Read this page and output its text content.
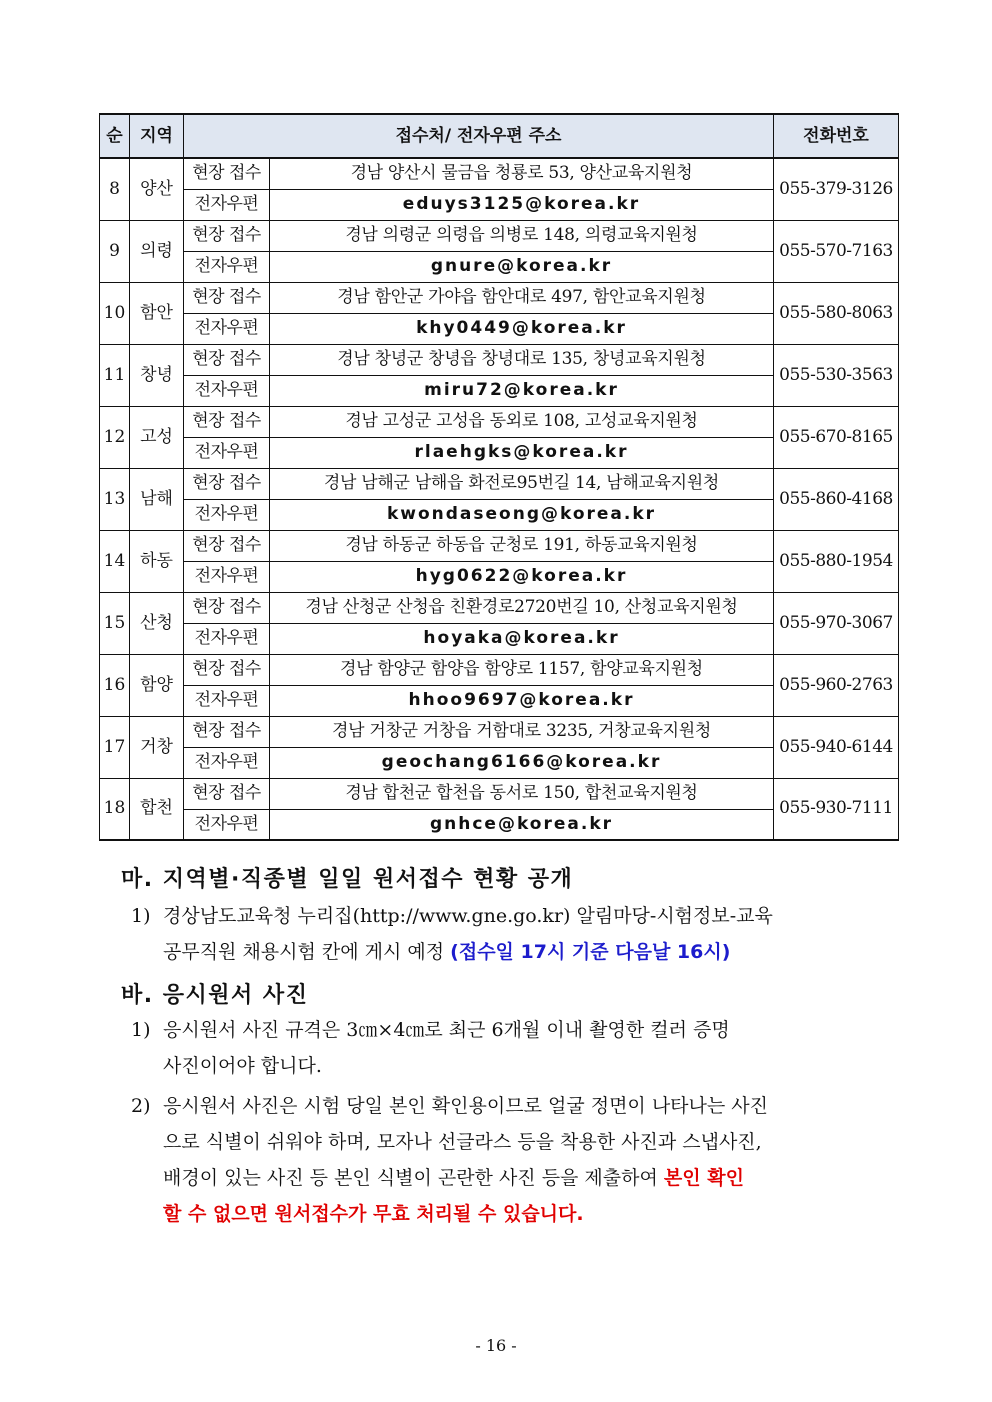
순	지역	접수처/ 전자우편 주소		전화번호
8	양산	현장 접수	경남 양산시 물금읍 청룡로 53, 양산교육지원청	055-379-3126
		전자우편	eduys3125@korea.kr	
9	의령	현장 접수	경남 의령군 의령읍 의병로 148, 의령교육지원청	055-570-7163
		전자우편	gnure@korea.kr	
10	함안	현장 접수	경남 함안군 가야읍 함안대로 497, 함안교육지원청	055-580-8063
		전자우편	khy0449@korea.kr	
11	창녕	현장 접수	경남 창녕군 창녕읍 창녕대로 135, 창녕교육지원청	055-530-3563
		전자우편	miru72@korea.kr	
12	고성	현장 접수	경남 고성군 고성읍 동외로 108, 고성교육지원청	055-670-8165
		전자우편	rlaehgks@korea.kr	
13	남해	현장 접수	경남 남해군 남해읍 화전로95번길 14, 남해교육지원청	055-860-4168
		전자우편	kwondaseong@korea.kr	
14	하동	현장 접수	경남 하동군 하동읍 군청로 191, 하동교육지원청	055-880-1954
		전자우편	hyg0622@korea.kr	
15	산청	현장 접수	경남 산청군 산청읍 친환경로2720번길 10, 산청교육지원청	055-970-3067
		전자우편	hoyaka@korea.kr	
16	함양	현장 접수	경남 함양군 함양읍 함양로 1157, 함양교육지원청	055-960-2763
		전자우편	hhoo9697@korea.kr	
17	거창	현장 접수	경남 거창군 거창읍 거함대로 3235, 거창교육지원청	055-940-6144
		전자우편	geochang6166@korea.kr	
18	합천	현장 접수	경남 합천군 합천읍 동서로 150, 합천교육지원청	055-930-7111
		전자우편	gnhce@korea.kr	
마. 지역별·직종별 일일 원서접수 현황 공개
1) 경상남도교육청 누리집(http://www.gne.go.kr) 알림마당-시험정보-교육
공무직원 채용시험 칸에 게시 예정 (접수일 17시 기준 다음날 16시)
바. 응시원서 사진
1) 응시원서 사진 규격은 3㎝×4㎝로 최근 6개월 이내 촬영한 컬러 증명
사진이어야 합니다.
2) 응시원서 사진은 시험 당일 본인 확인용이므로 얼굴 정면이 나타나는 사진
으로 식별이 쉬워야 하며, 모자나 선글라스 등을 착용한 사진과 스냅사진,
배경이 있는 사진 등 본인 식별이 곤란한 사진 등을 제출하여 본인 확인
할 수 없으면 원서접수가 무효 처리될 수 있습니다.
- 16 -
